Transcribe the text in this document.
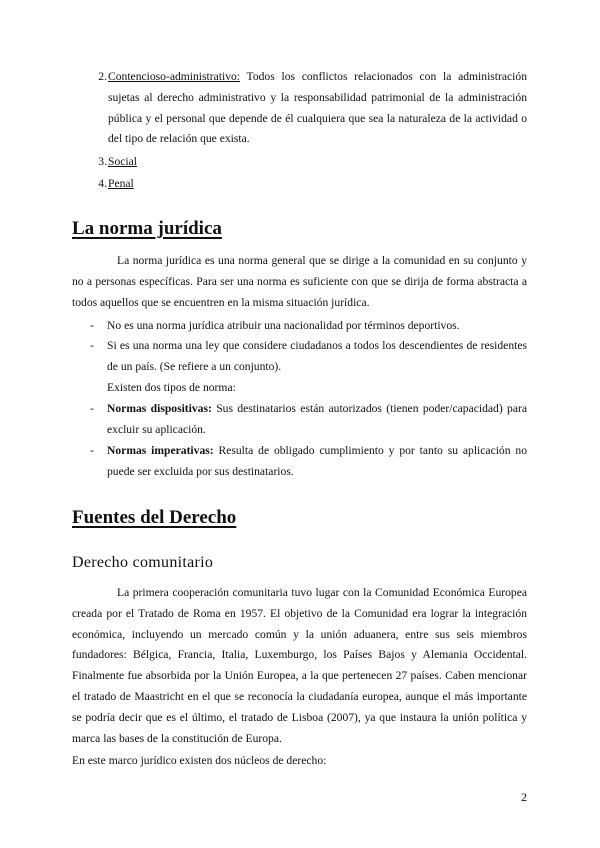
2. Contencioso-administrativo: Todos los conflictos relacionados con la administración sujetas al derecho administrativo y la responsabilidad patrimonial de la administración pública y el personal que depende de él cualquiera que sea la naturaleza de la actividad o del tipo de relación que exista.

3. Social

4. Penal

La norma jurídica

La norma jurídica es una norma general que se dirige a la comunidad en su conjunto y no a personas específicas. Para ser una norma es suficiente con que se dirija de forma abstracta a todos aquellos que se encuentren en la misma situación jurídica.

-	No es una norma jurídica atribuir una nacionalidad por términos deportivos.

-	Si es una norma una ley que considere ciudadanos a todos los descendientes de residentes de un país. (Se refiere a un conjunto).

Existen dos tipos de norma:

-	Normas dispositivas: Sus destinatarios están autorizados (tienen poder/capacidad) para excluir su aplicación.

-	Normas imperativas: Resulta de obligado cumplimiento y por tanto su aplicación no puede ser excluida por sus destinatarios.

Fuentes del Derecho
Derecho comunitario

La primera cooperación comunitaria tuvo lugar con la Comunidad Económica Europea creada por el Tratado de Roma en 1957. El objetivo de la Comunidad era lograr la integración económica, incluyendo un mercado común y la unión aduanera, entre sus seis miembros fundadores: Bélgica, Francia, Italia, Luxemburgo, los Países Bajos y Alemania Occidental. Finalmente fue absorbida por la Unión Europea, a la que pertenecen 27 países. Caben mencionar el tratado de Maastricht en el que se reconocía la ciudadanía europea, aunque el más importante se podría decir que es el último, el tratado de Lisboa (2007), ya que instaura la unión política y marca las bases de la constitución de Europa.

En este marco jurídico existen dos núcleos de derecho:

2
